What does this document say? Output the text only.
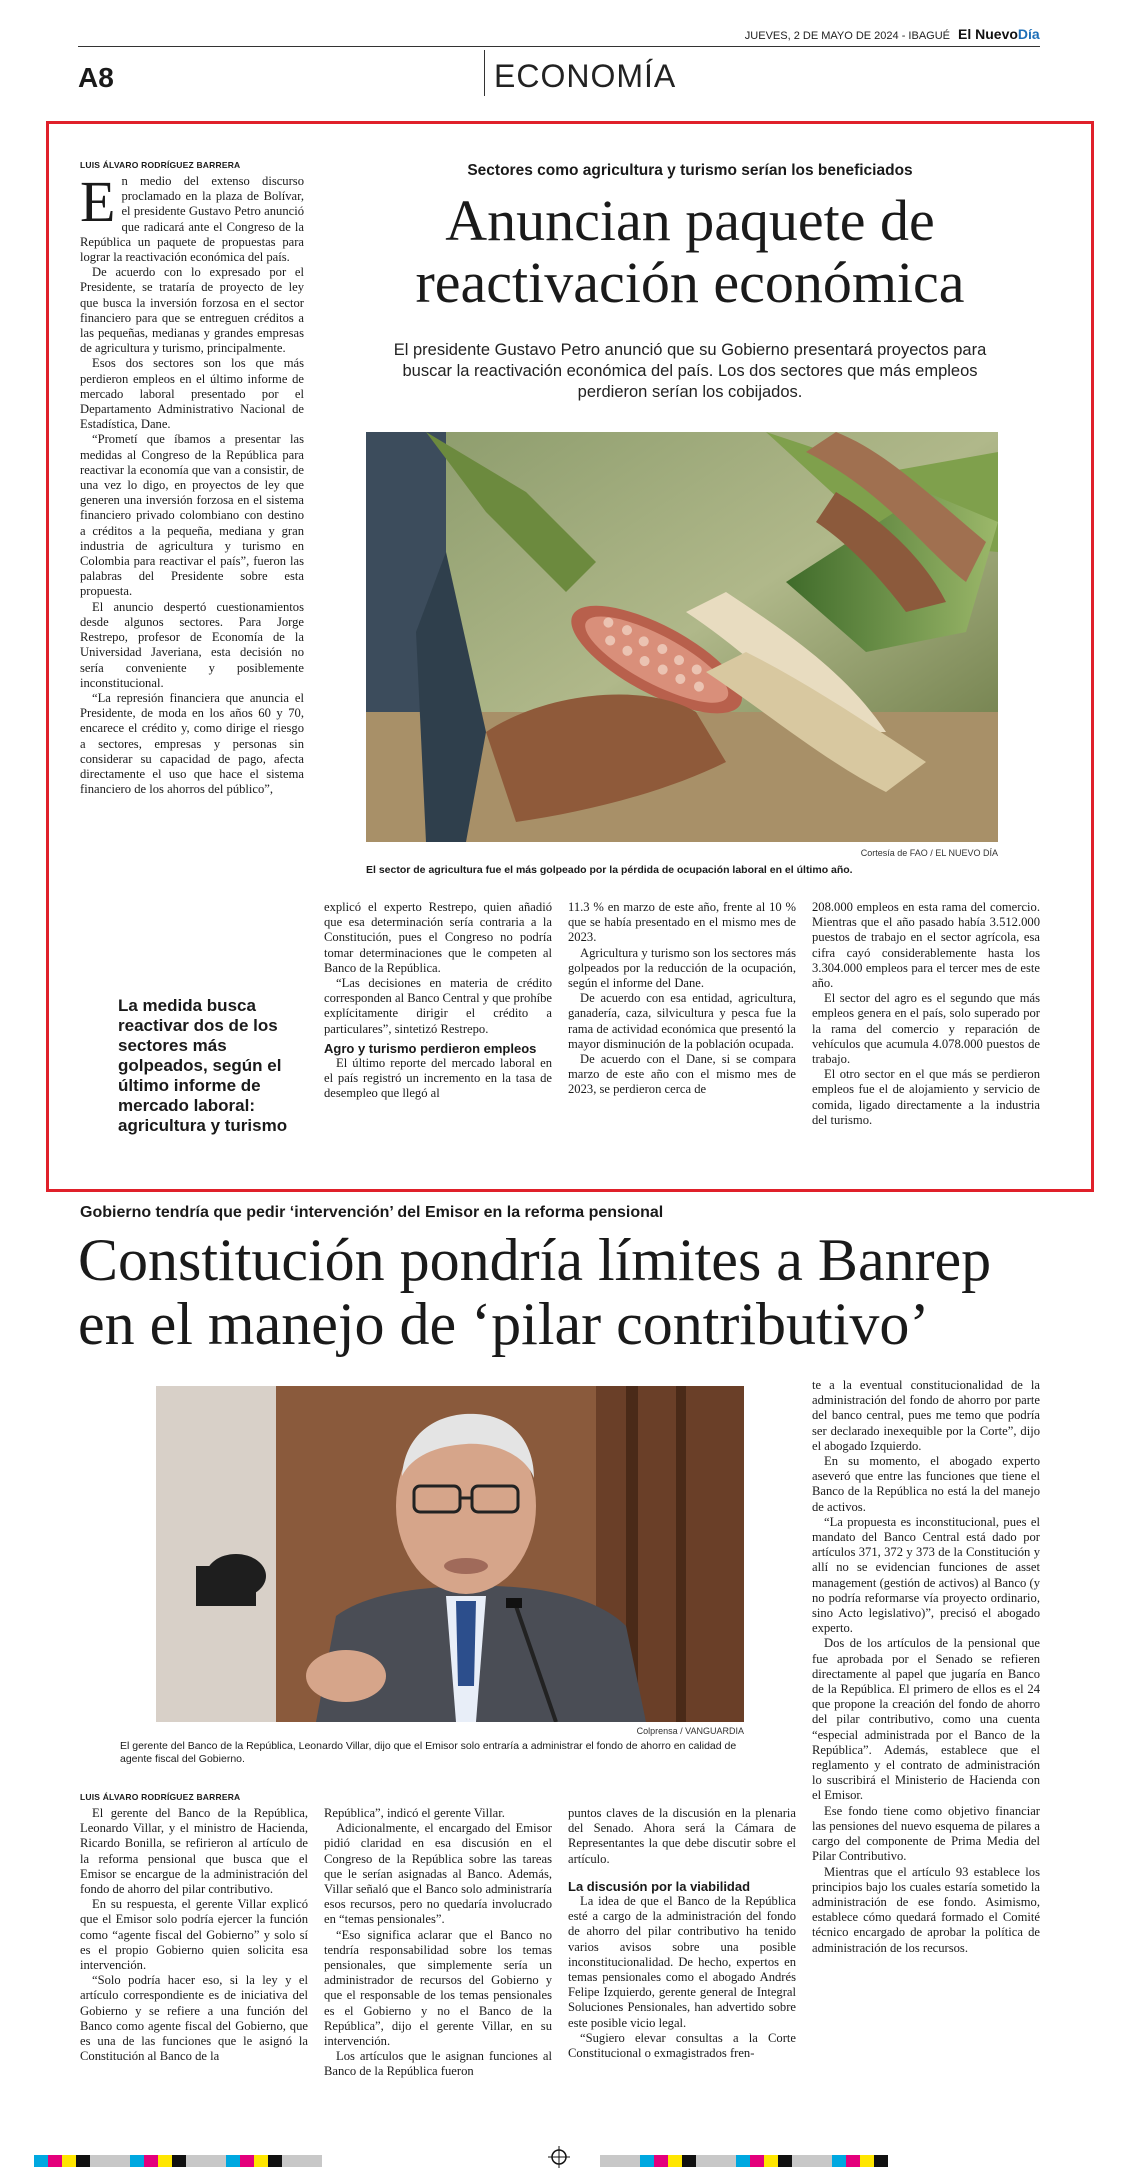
JUEVES, 2 DE MAYO DE 2024 - IBAGUÉ El NuevoDía
A8	ECONOMÍA
LUIS ÁLVARO RODRÍGUEZ BARRERA
E n medio del extenso discurso proclamado en la plaza de Bolívar, el presidente Gustavo Petro anunció que radicará ante el Congreso de la República un paquete de propuestas para lograr la reactivación económica del país.

De acuerdo con lo expresado por el Presidente, se trataría de proyecto de ley que busca la inversión forzosa en el sector financiero para que se entreguen créditos a las pequeñas, medianas y grandes empresas de agricultura y turismo, principalmente.

Esos dos sectores son los que más perdieron empleos en el último informe de mercado laboral presentado por el Departamento Administrativo Nacional de Estadística, Dane.

“Prometí que íbamos a presentar las medidas al Congreso de la República para reactivar la economía que van a consistir, de una vez lo digo, en proyectos de ley que generen una inversión forzosa en el sistema financiero privado colombiano con destino a créditos a la pequeña, mediana y gran industria de agricultura y turismo en Colombia para reactivar el país”, fueron las palabras del Presidente sobre esta propuesta.

El anuncio despertó cuestionamientos desde algunos sectores. Para Jorge Restrepo, profesor de Economía de la Universidad Javeriana, esta decisión no sería conveniente y posiblemente inconstitucional.

“La represión financiera que anuncia el Presidente, de moda en los años 60 y 70, encarece el crédito y, como dirige el riesgo a sectores, empresas y personas sin considerar su capacidad de pago, afecta directamente el uso que hace el sistema financiero de los ahorros del público”,

La medida busca reactivar dos de los sectores más golpeados, según el último informe de mercado laboral: agricultura y turismo
Sectores como agricultura y turismo serían los beneficiados
Anuncian paquete de reactivación económica
El presidente Gustavo Petro anunció que su Gobierno presentará proyectos para buscar la reactivación económica del país. Los dos sectores que más empleos perdieron serían los cobijados.
Cortesía de FAO / EL NUEVO DÍA
El sector de agricultura fue el más golpeado por la pérdida de ocupación laboral en el último año.

explicó el experto Restrepo, quien añadió que esa determinación sería contraria a la Constitución, pues el Congreso no podría tomar determinaciones que le competen al Banco de la República.

“Las decisiones en materia de crédito corresponden al Banco Central y que prohíbe explícitamente dirigir el crédito a particulares”, sintetizó Restrepo.

Agro y turismo perdieron empleos

El último reporte del mercado laboral en el país registró un incremento en la tasa de desempleo que llegó al

11.3 % en marzo de este año, frente al 10 % que se había presentado en el mismo mes de 2023.

Agricultura y turismo son los sectores más golpeados por la reducción de la ocupación, según el informe del Dane.

De acuerdo con esa entidad, agricultura, ganadería, caza, silvicultura y pesca fue la rama de actividad económica que presentó la mayor disminución de la población ocupada.

De acuerdo con el Dane, si se compara marzo de este año con el mismo mes de 2023, se perdieron cerca de

208.000 empleos en esta rama del comercio. Mientras que el año pasado había 3.512.000 puestos de trabajo en el sector agrícola, esa cifra cayó considerablemente hasta los 3.304.000 empleos para el tercer mes de este año.

El sector del agro es el segundo que más empleos genera en el país, solo superado por la rama del comercio y reparación de vehículos que acumula 4.078.000 puestos de trabajo.

El otro sector en el que más se perdieron empleos fue el de alojamiento y servicio de comida, ligado directamente a la industria del turismo.

Gobierno tendría que pedir ‘intervención’ del Emisor en la reforma pensional
Constitución pondría límites a Banrep
en el manejo de ‘pilar contributivo’
Colprensa / VANGUARDIA
El gerente del Banco de la República, Leonardo Villar, dijo que el Emisor solo entraría a administrar el fondo de ahorro en calidad de agente fiscal del Gobierno.

te a la eventual constitucionalidad de la administración del fondo de ahorro por parte del banco central, pues me temo que podría ser declarado inexequible por la Corte”, dijo el abogado Izquierdo.

En su momento, el abogado experto aseveró que entre las funciones que tiene el Banco de la República no está la del manejo de activos.

“La propuesta es inconstitucional, pues el mandato del Banco Central está dado por artículos 371, 372 y 373 de la Constitución y allí no se evidencian funciones de asset management (gestión de activos) al Banco (y no podría reformarse vía proyecto ordinario, sino Acto legislativo)”, precisó el abogado experto.

Dos de los artículos de la pensional que fue aprobada por el Senado se refieren directamente al papel que jugaría en Banco de la República. El primero de ellos es el 24 que propone la creación del fondo de ahorro del pilar contributivo, como una cuenta “especial administrada por el Banco de la República”. Además, establece que el reglamento y el contrato de administración lo suscribirá el Ministerio de Hacienda con el Emisor.

Ese fondo tiene como objetivo financiar las pensiones del nuevo esquema de pilares a cargo del componente de Prima Media del Pilar Contributivo.

Mientras que el artículo 93 establece los principios bajo los cuales estaría sometido la administración de ese fondo. Asimismo, establece cómo quedará formado el Comité técnico encargado de aprobar la política de administración de los recursos.

LUIS ÁLVARO RODRÍGUEZ BARRERA

El gerente del Banco de la República, Leonardo Villar, y el ministro de Hacienda, Ricardo Bonilla, se refirieron al artículo de la reforma pensional que busca que el Emisor se encargue de la administración del fondo de ahorro del pilar contributivo.

En su respuesta, el gerente Villar explicó que el Emisor solo podría ejercer la función como “agente fiscal del Gobierno” y solo sí es el propio Gobierno quien solicita esa intervención.

“Solo podría hacer eso, si la ley y el artículo correspondiente es de iniciativa del Gobierno y se refiere a una función del Banco como agente fiscal del Gobierno, que es una de las funciones que le asignó la Constitución al Banco de la

República”, indicó el gerente Villar.

Adicionalmente, el encargado del Emisor pidió claridad en esa discusión en el Congreso de la República sobre las tareas que le serían asignadas al Banco. Además, Villar señaló que el Banco solo administraría esos recursos, pero no quedaría involucrado en “temas pensionales”.

“Eso significa aclarar que el Banco no tendría responsabilidad sobre los temas pensionales, que simplemente sería un administrador de recursos del Gobierno y que el responsable de los temas pensionales es el Gobierno y no el Banco de la República”, dijo el gerente Villar, en su intervención.

Los artículos que le asignan funciones al Banco de la República fueron

puntos claves de la discusión en la plenaria del Senado. Ahora será la Cámara de Representantes la que debe discutir sobre el artículo.

La discusión por la viabilidad

La idea de que el Banco de la República esté a cargo de la administración del fondo de ahorro del pilar contributivo ha tenido varios avisos sobre una posible inconstitucionalidad. De hecho, expertos en temas pensionales como el abogado Andrés Felipe Izquierdo, gerente general de Integral Soluciones Pensionales, han advertido sobre este posible vicio legal.

“Sugiero elevar consultas a la Corte Constitucional o exmagistrados fren-
